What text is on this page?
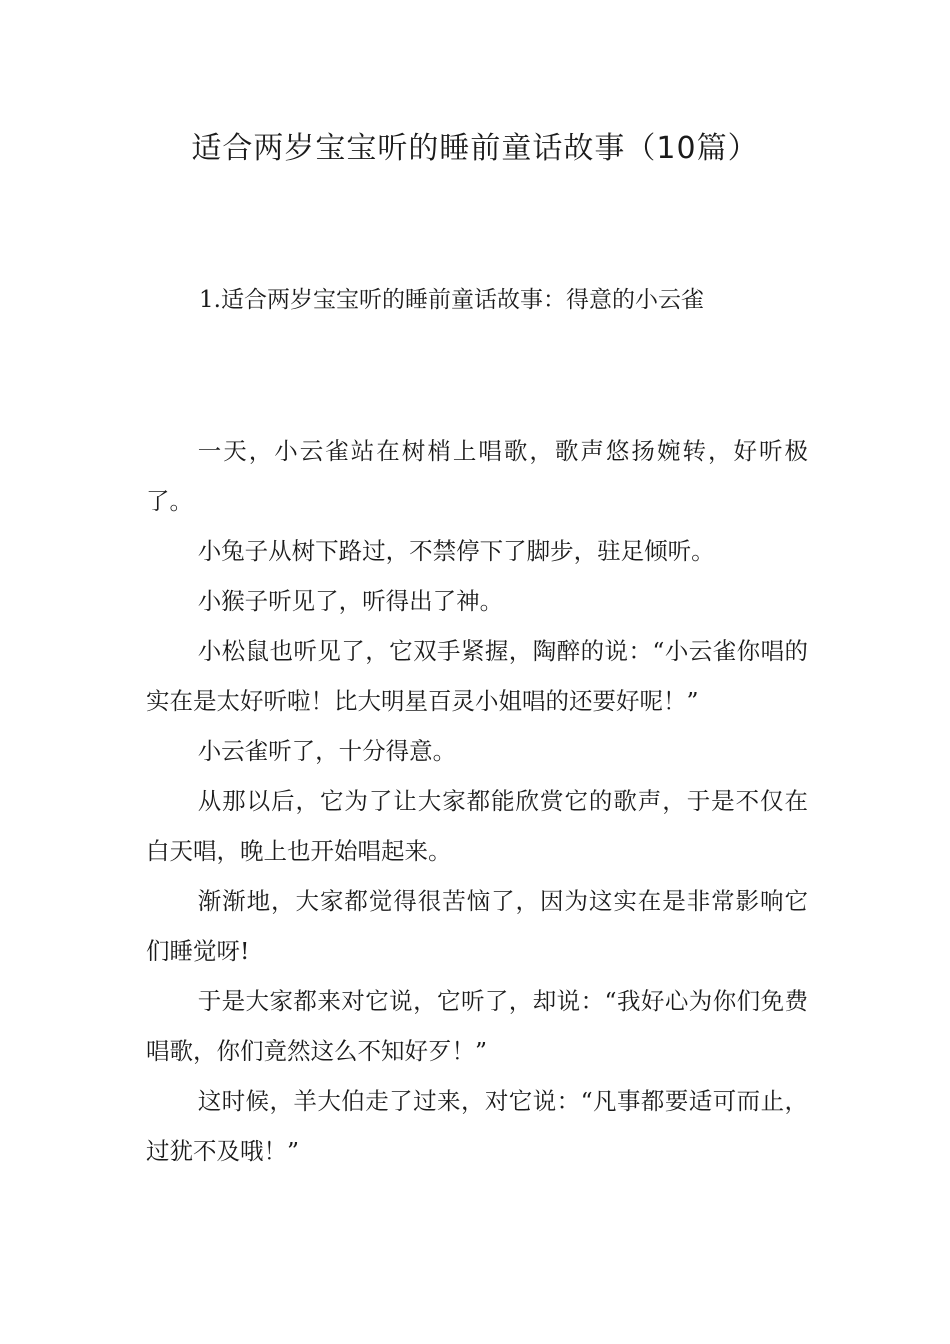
适合两岁宝宝听的睡前童话故事（10篇）
1.适合两岁宝宝听的睡前童话故事：得意的小云雀

一天，小云雀站在树梢上唱歌，歌声悠扬婉转，好听极了。

小兔子从树下路过，不禁停下了脚步，驻足倾听。

小猴子听见了，听得出了神。

小松鼠也听见了，它双手紧握，陶醉的说：“小云雀你唱的实在是太好听啦！比大明星百灵小姐唱的还要好呢！”

小云雀听了，十分得意。

从那以后，它为了让大家都能欣赏它的歌声，于是不仅在白天唱，晚上也开始唱起来。

渐渐地，大家都觉得很苦恼了，因为这实在是非常影响它们睡觉呀!

于是大家都来对它说，它听了，却说：“我好心为你们免费唱歌，你们竟然这么不知好歹！”

这时候，羊大伯走了过来，对它说：“凡事都要适可而止，过犹不及哦！”
